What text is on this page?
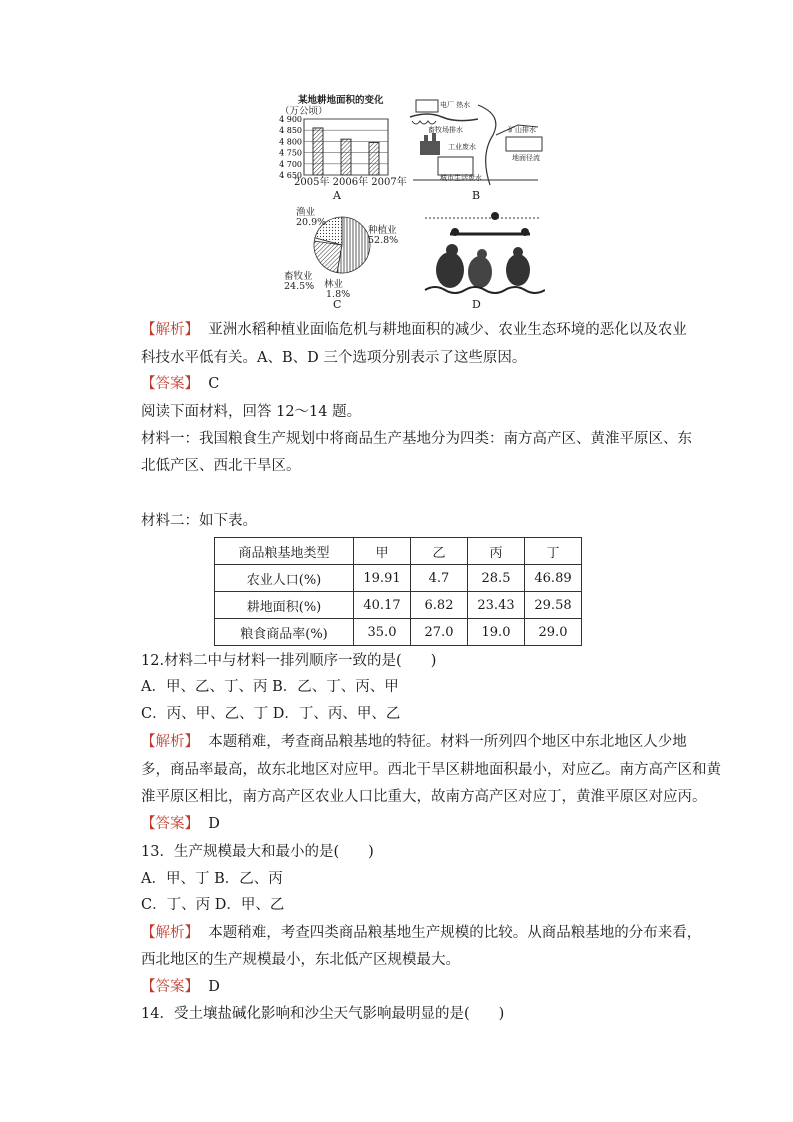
某地耕地面积的变化
（万公顷）
4 900
4 850
4 800
4 750
4 700
4 650
2005年 2006年 2007年
A
电厂 热水
畜牧场排水
工业废水
矿山排水
城市生活废水
地面径流
B
渔业
20.9%
种植业
52.8%
林业
1.8%
畜牧业
24.5%
C	D
【解析】 亚洲水稻种植业面临危机与耕地面积的减少、农业生态环境的恶化以及农业
科技水平低有关。A、B、D 三个选项分别表示了这些原因。
【答案】 C
阅读下面材料，回答 12～14 题。
材料一：我国粮食生产规划中将商品生产基地分为四类：南方高产区、黄淮平原区、东
北低产区、西北干旱区。
材料二：如下表。
商品粮基地类型	甲	乙	丙	丁
农业人口(%)	19.91	4.7	28.5	46.89
耕地面积(%)	40.17	6.82	23.43	29.58
粮食商品率(%)	35.0	27.0	19.0	29.0
12.材料二中与材料一排列顺序一致的是(　　)
A．甲、乙、丁、丙 B．乙、丁、丙、甲
C．丙、甲、乙、丁 D．丁、丙、甲、乙
【解析】 本题稍难，考查商品粮基地的特征。材料一所列四个地区中东北地区人少地
多，商品率最高，故东北地区对应甲。西北干旱区耕地面积最小，对应乙。南方高产区和黄
淮平原区相比，南方高产区农业人口比重大，故南方高产区对应丁，黄淮平原区对应丙。
【答案】 D
13．生产规模最大和最小的是(　　)
A．甲、丁 B．乙、丙
C．丁、丙 D．甲、乙
【解析】 本题稍难，考查四类商品粮基地生产规模的比较。从商品粮基地的分布来看，
西北地区的生产规模最小，东北低产区规模最大。
【答案】 D
14．受土壤盐碱化影响和沙尘天气影响最明显的是(　　)
